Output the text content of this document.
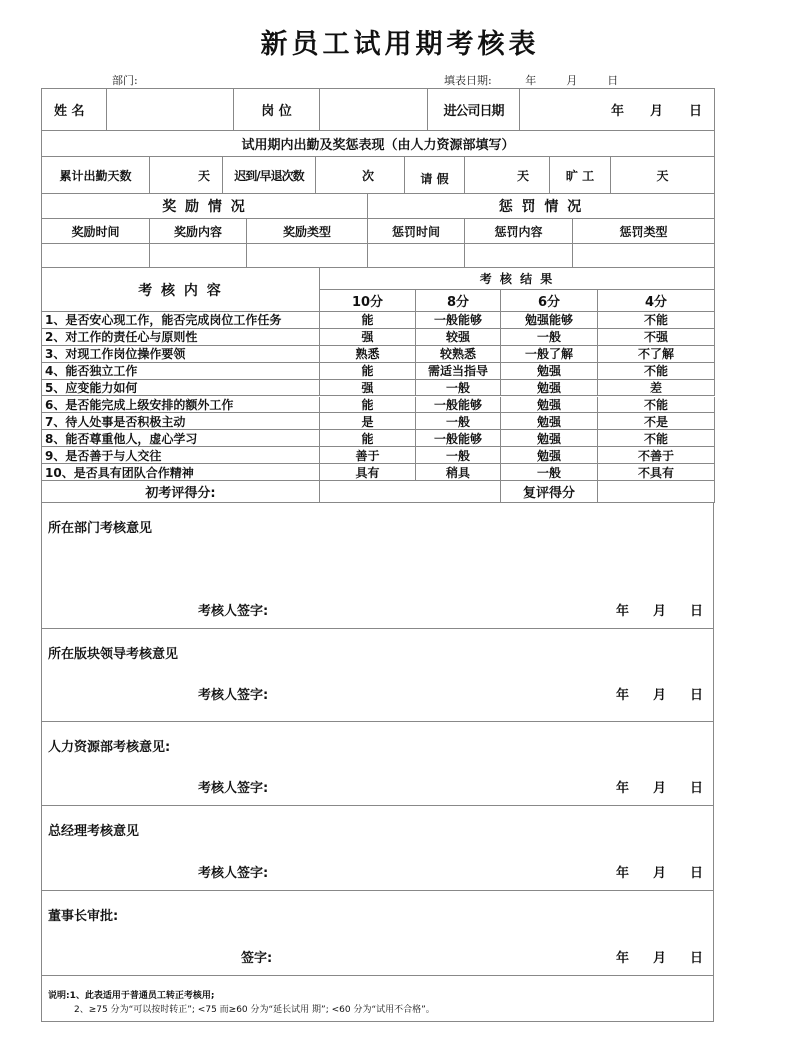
新员工试用期考核表
部门:	填表日期:	年	月	日
姓 名	岗 位	进公司日期	年 月 日
试用期内出勤及奖惩表现（由人力资源部填写）
累计出勤天数	天	迟到/早退次数	次	请 假	天	旷 工	天
奖 励 情 况	惩 罚 情 况
奖励时间	奖励内容	奖励类型	惩罚时间	惩罚内容	惩罚类型
考 核 内 容
考 核 结 果
10分	8分	6分	4分
1、是否安心现工作，能否完成岗位工作任务	能	一般能够	勉强能够	不能
2、对工作的责任心与原则性	强	较强	一般	不强
3、对现工作岗位操作要领	熟悉	较熟悉	一般了解	不了解
4、能否独立工作	能	需适当指导	勉强	不能
5、应变能力如何	强	一般	勉强	差
6、是否能完成上级安排的额外工作	能	一般能够	勉强	不能
7、待人处事是否积极主动	是	一般	勉强	不是
8、能否尊重他人，虚心学习	能	一般能够	勉强	不能
9、是否善于与人交往	善于	一般	勉强	不善于
10、是否具有团队合作精神	具有	稍具	一般	不具有
初考评得分:	复评得分
所在部门考核意见
考核人签字:	年 月 日
所在版块领导考核意见
考核人签字:	年 月 日
人力资源部考核意见:
考核人签字:	年 月 日
总经理考核意见
考核人签字:	年 月 日
董事长审批:
签字:	年 月 日
说明:1、此表适用于普通员工转正考核用;
2、≥75 分为“可以按时转正”; <75 而≥60 分为“延长试用 期”; <60 分为“试用不合格”。
